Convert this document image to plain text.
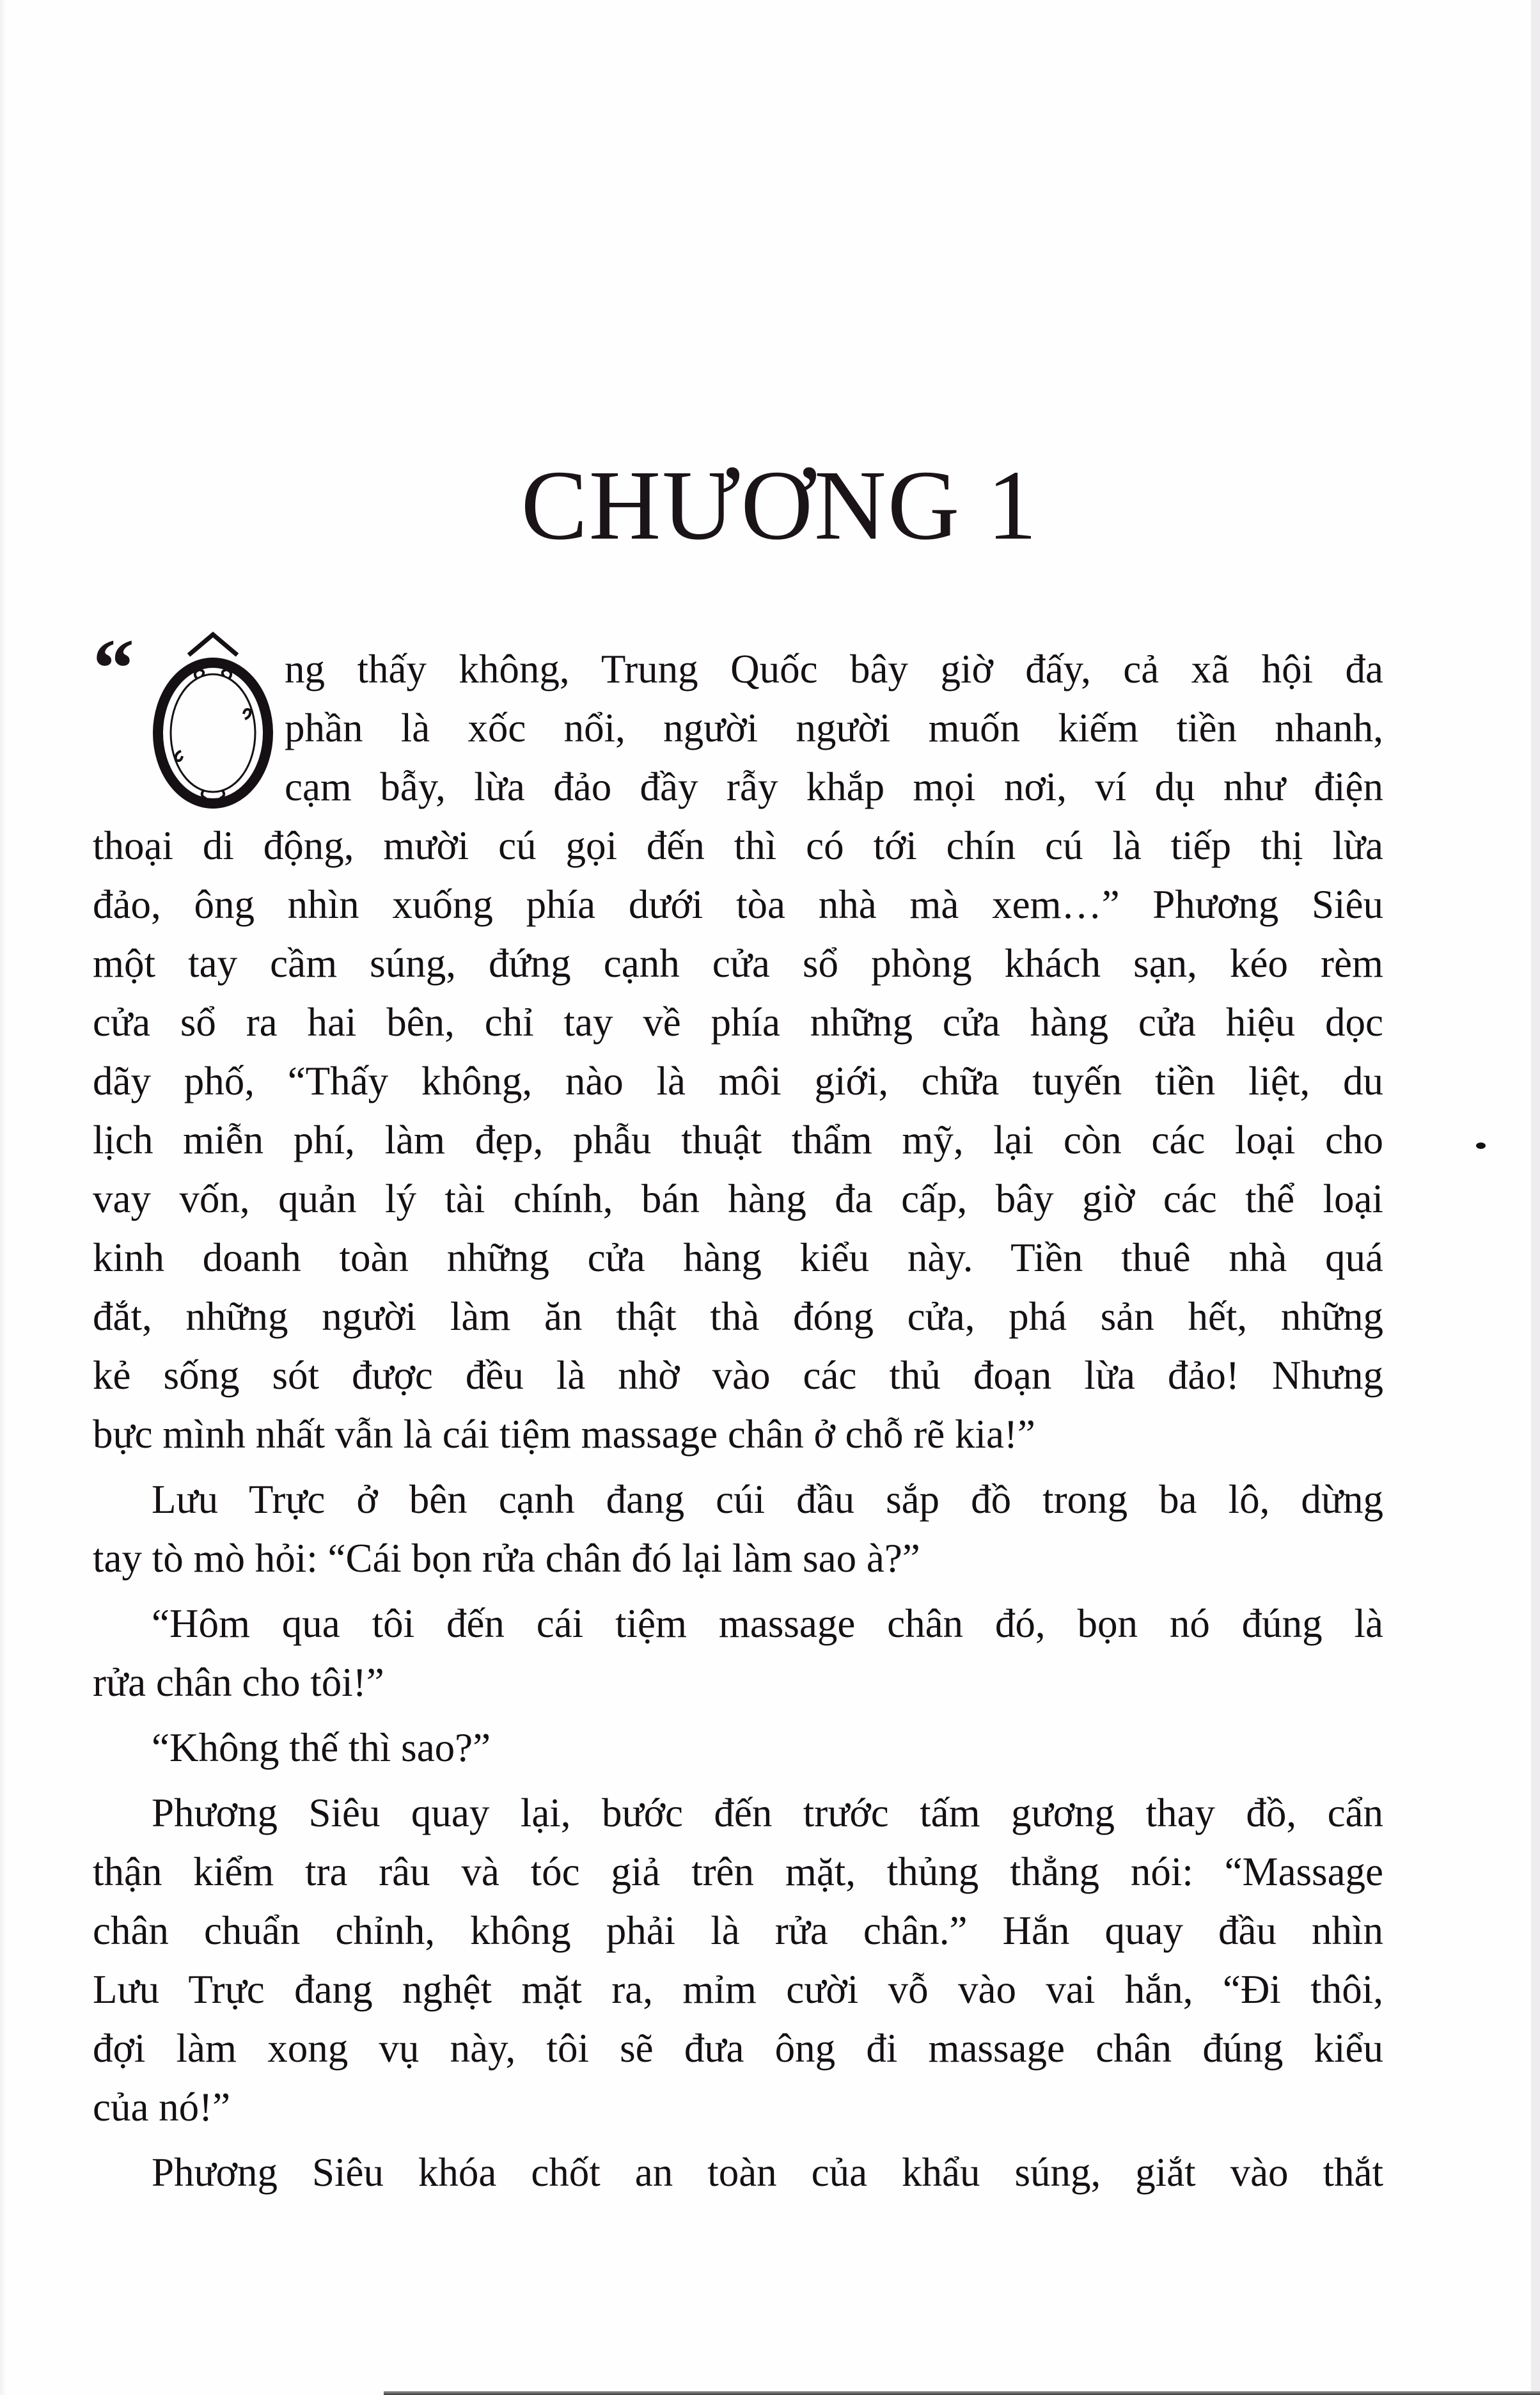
CHƯƠNG 1
“	ng thấy không, Trung Quốc bây giờ đấy, cả xã hội đa
phần là xốc nổi, người người muốn kiếm tiền nhanh,
cạm bẫy, lừa đảo đầy rẫy khắp mọi nơi, ví dụ như điện
thoại di động, mười cú gọi đến thì có tới chín cú là tiếp thị lừa
đảo, ông nhìn xuống phía dưới tòa nhà mà xem…” Phương Siêu
một tay cầm súng, đứng cạnh cửa sổ phòng khách sạn, kéo rèm
cửa sổ ra hai bên, chỉ tay về phía những cửa hàng cửa hiệu dọc
dãy phố, “Thấy không, nào là môi giới, chữa tuyến tiền liệt, du
lịch miễn phí, làm đẹp, phẫu thuật thẩm mỹ, lại còn các loại cho
vay vốn, quản lý tài chính, bán hàng đa cấp, bây giờ các thể loại
kinh doanh toàn những cửa hàng kiểu này. Tiền thuê nhà quá
đắt, những người làm ăn thật thà đóng cửa, phá sản hết, những
kẻ sống sót được đều là nhờ vào các thủ đoạn lừa đảo! Nhưng
bực mình nhất vẫn là cái tiệm massage chân ở chỗ rẽ kia!”
Lưu Trực ở bên cạnh đang cúi đầu sắp đồ trong ba lô, dừng
tay tò mò hỏi: “Cái bọn rửa chân đó lại làm sao à?”
“Hôm qua tôi đến cái tiệm massage chân đó, bọn nó đúng là
rửa chân cho tôi!”
“Không thế thì sao?”
Phương Siêu quay lại, bước đến trước tấm gương thay đồ, cẩn
thận kiểm tra râu và tóc giả trên mặt, thủng thẳng nói: “Massage
chân chuẩn chỉnh, không phải là rửa chân.” Hắn quay đầu nhìn
Lưu Trực đang nghệt mặt ra, mỉm cười vỗ vào vai hắn, “Đi thôi,
đợi làm xong vụ này, tôi sẽ đưa ông đi massage chân đúng kiểu
của nó!”
Phương Siêu khóa chốt an toàn của khẩu súng, giắt vào thắt
